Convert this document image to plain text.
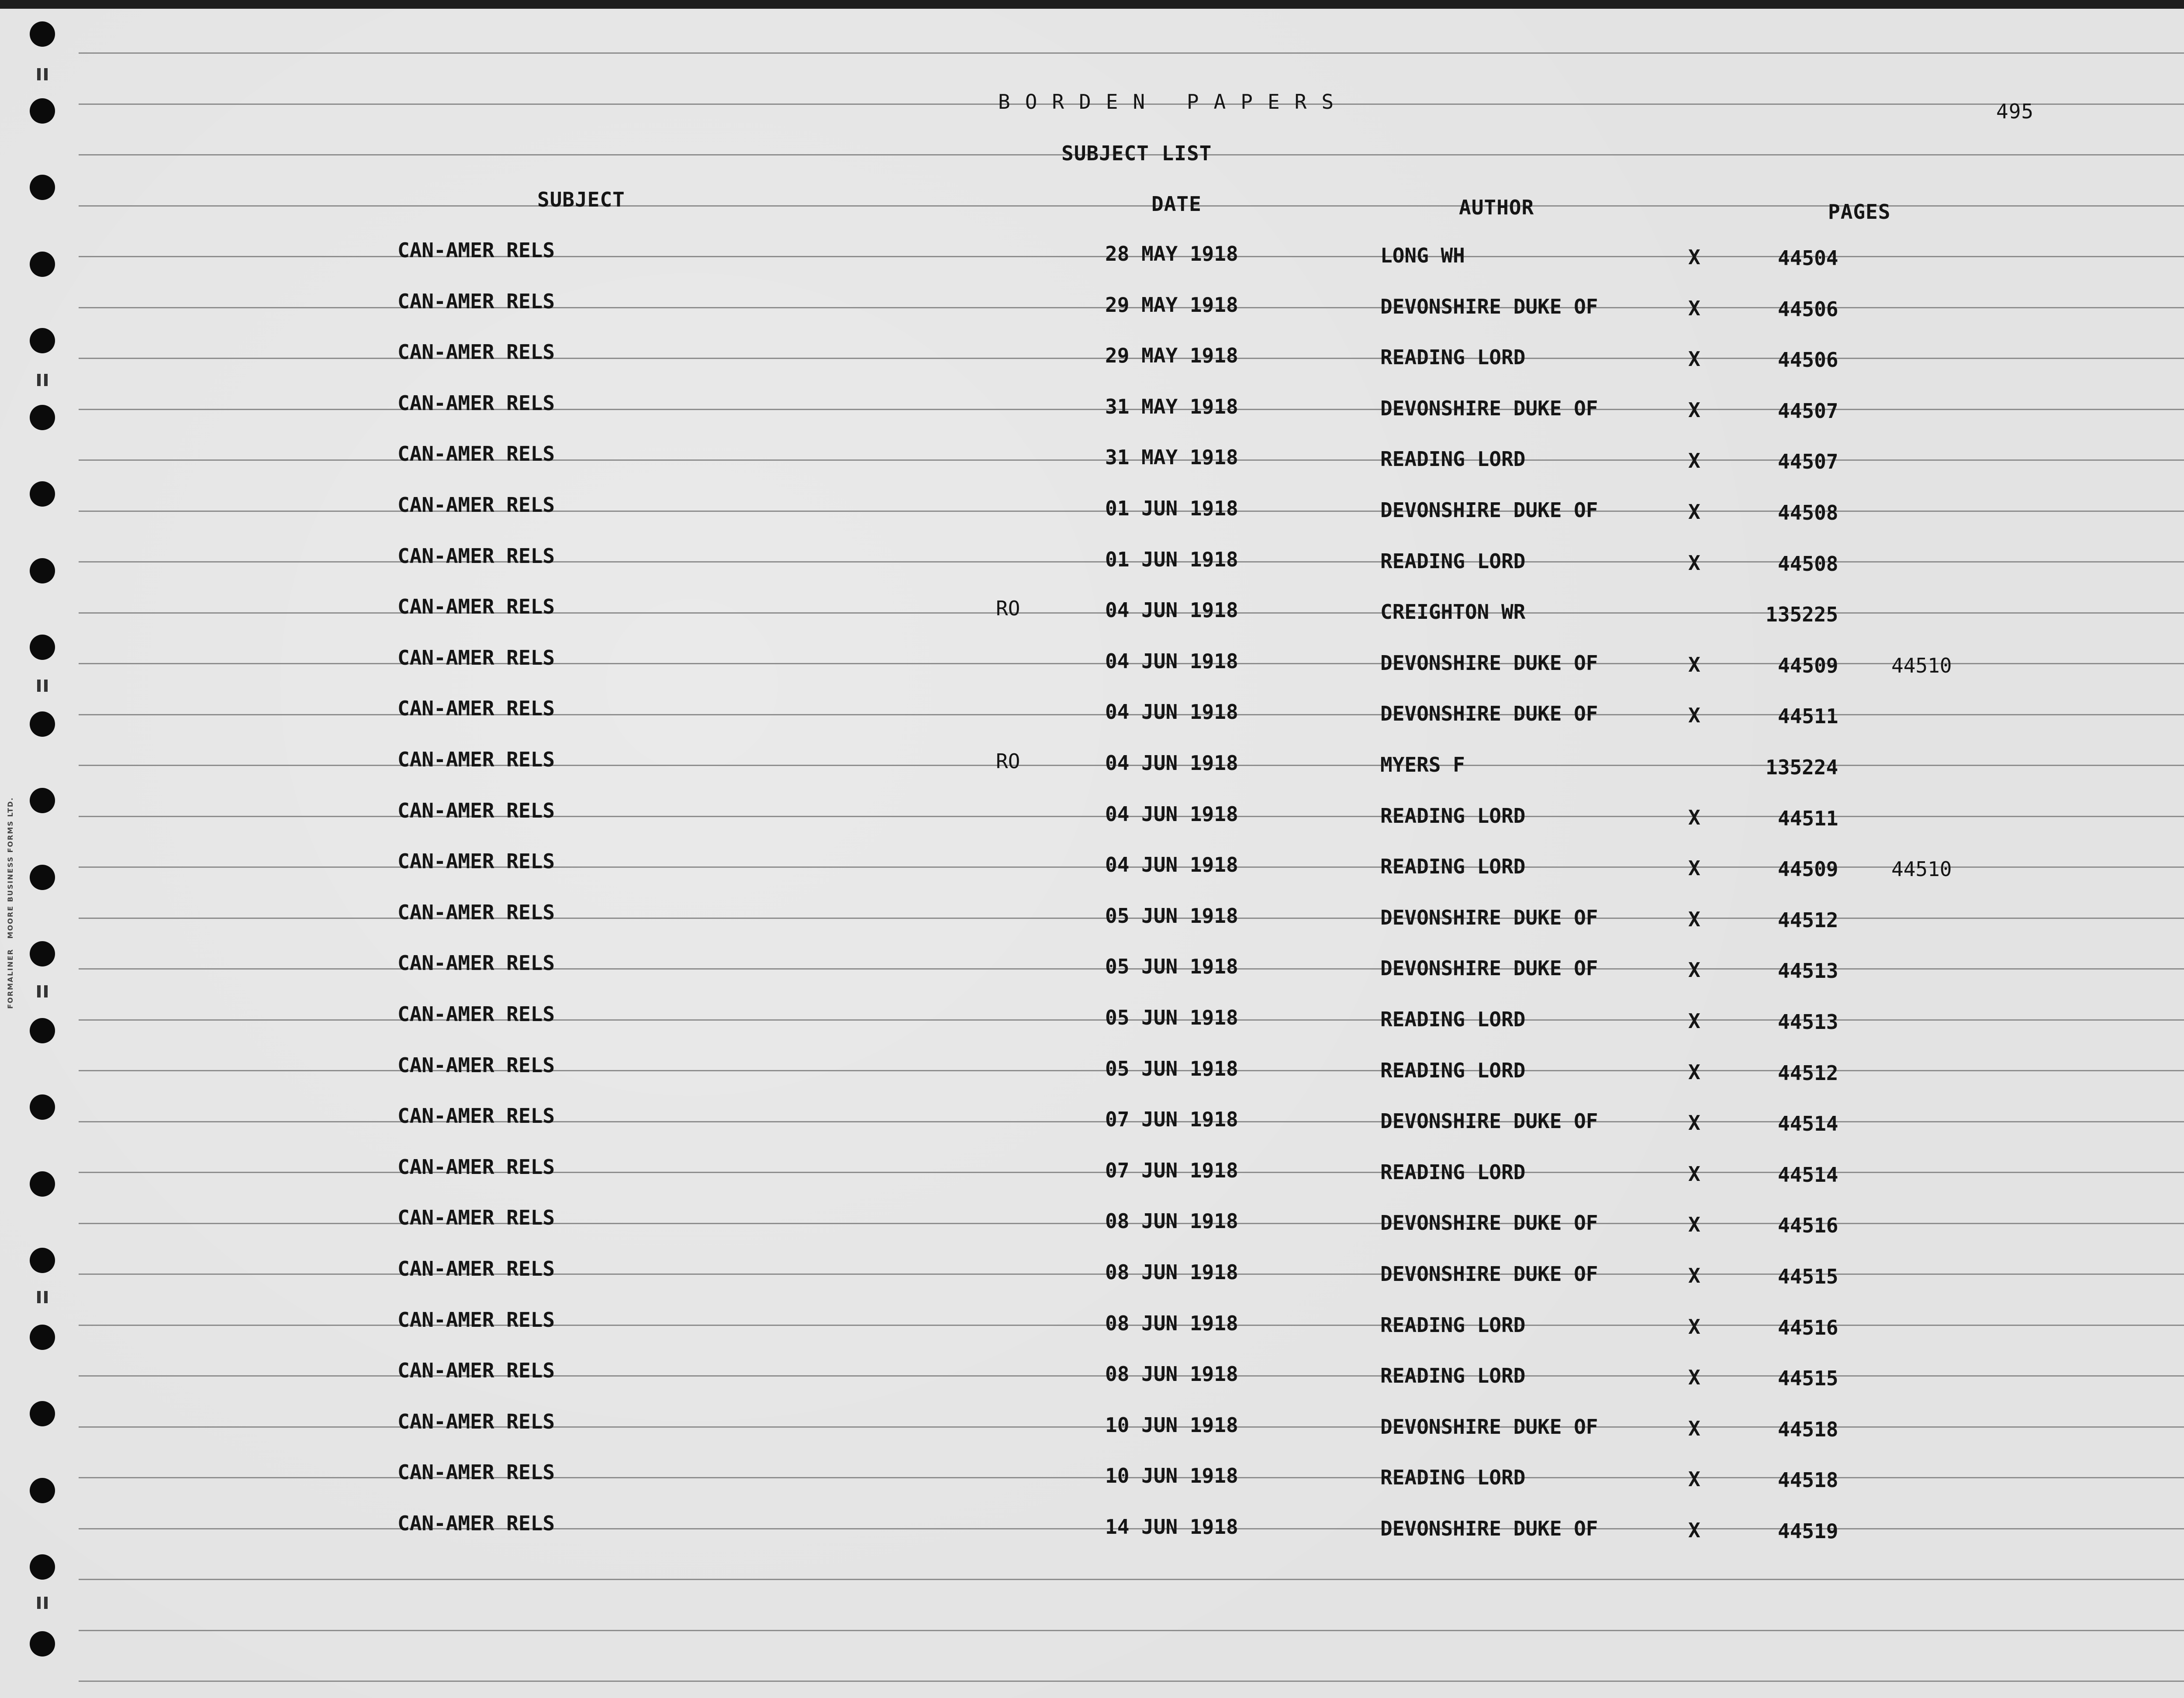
BORDEN PAPERS	495
SUBJECT LIST
SUBJECT	DATE	AUTHOR	PAGES
CAN-AMER RELS	28 MAY 1918	LONG WH	X	44504
CAN-AMER RELS	29 MAY 1918	DEVONSHIRE DUKE OF	X	44506
CAN-AMER RELS	29 MAY 1918	READING LORD	X	44506
CAN-AMER RELS	31 MAY 1918	DEVONSHIRE DUKE OF	X	44507
CAN-AMER RELS	31 MAY 1918	READING LORD	X	44507
CAN-AMER RELS	01 JUN 1918	DEVONSHIRE DUKE OF	X	44508
CAN-AMER RELS	01 JUN 1918	READING LORD	X	44508
CAN-AMER RELS	RO	04 JUN 1918	CREIGHTON WR	135225
CAN-AMER RELS	04 JUN 1918	DEVONSHIRE DUKE OF	X	44509	44510
CAN-AMER RELS	04 JUN 1918	DEVONSHIRE DUKE OF	X	44511
CAN-AMER RELS	RO	04 JUN 1918	MYERS F	135224
CAN-AMER RELS	04 JUN 1918	READING LORD	X	44511
CAN-AMER RELS	04 JUN 1918	READING LORD	X	44509	44510
CAN-AMER RELS	05 JUN 1918	DEVONSHIRE DUKE OF	X	44512
CAN-AMER RELS	05 JUN 1918	DEVONSHIRE DUKE OF	X	44513
CAN-AMER RELS	05 JUN 1918	READING LORD	X	44513
CAN-AMER RELS	05 JUN 1918	READING LORD	X	44512
CAN-AMER RELS	07 JUN 1918	DEVONSHIRE DUKE OF	X	44514
CAN-AMER RELS	07 JUN 1918	READING LORD	X	44514
CAN-AMER RELS	08 JUN 1918	DEVONSHIRE DUKE OF	X	44516
CAN-AMER RELS	08 JUN 1918	DEVONSHIRE DUKE OF	X	44515
CAN-AMER RELS	08 JUN 1918	READING LORD	X	44516
CAN-AMER RELS	08 JUN 1918	READING LORD	X	44515
CAN-AMER RELS	10 JUN 1918	DEVONSHIRE DUKE OF	X	44518
CAN-AMER RELS	10 JUN 1918	READING LORD	X	44518
CAN-AMER RELS	14 JUN 1918	DEVONSHIRE DUKE OF	X	44519
FORMALINER   MOORE BUSINESS FORMS LTD.
